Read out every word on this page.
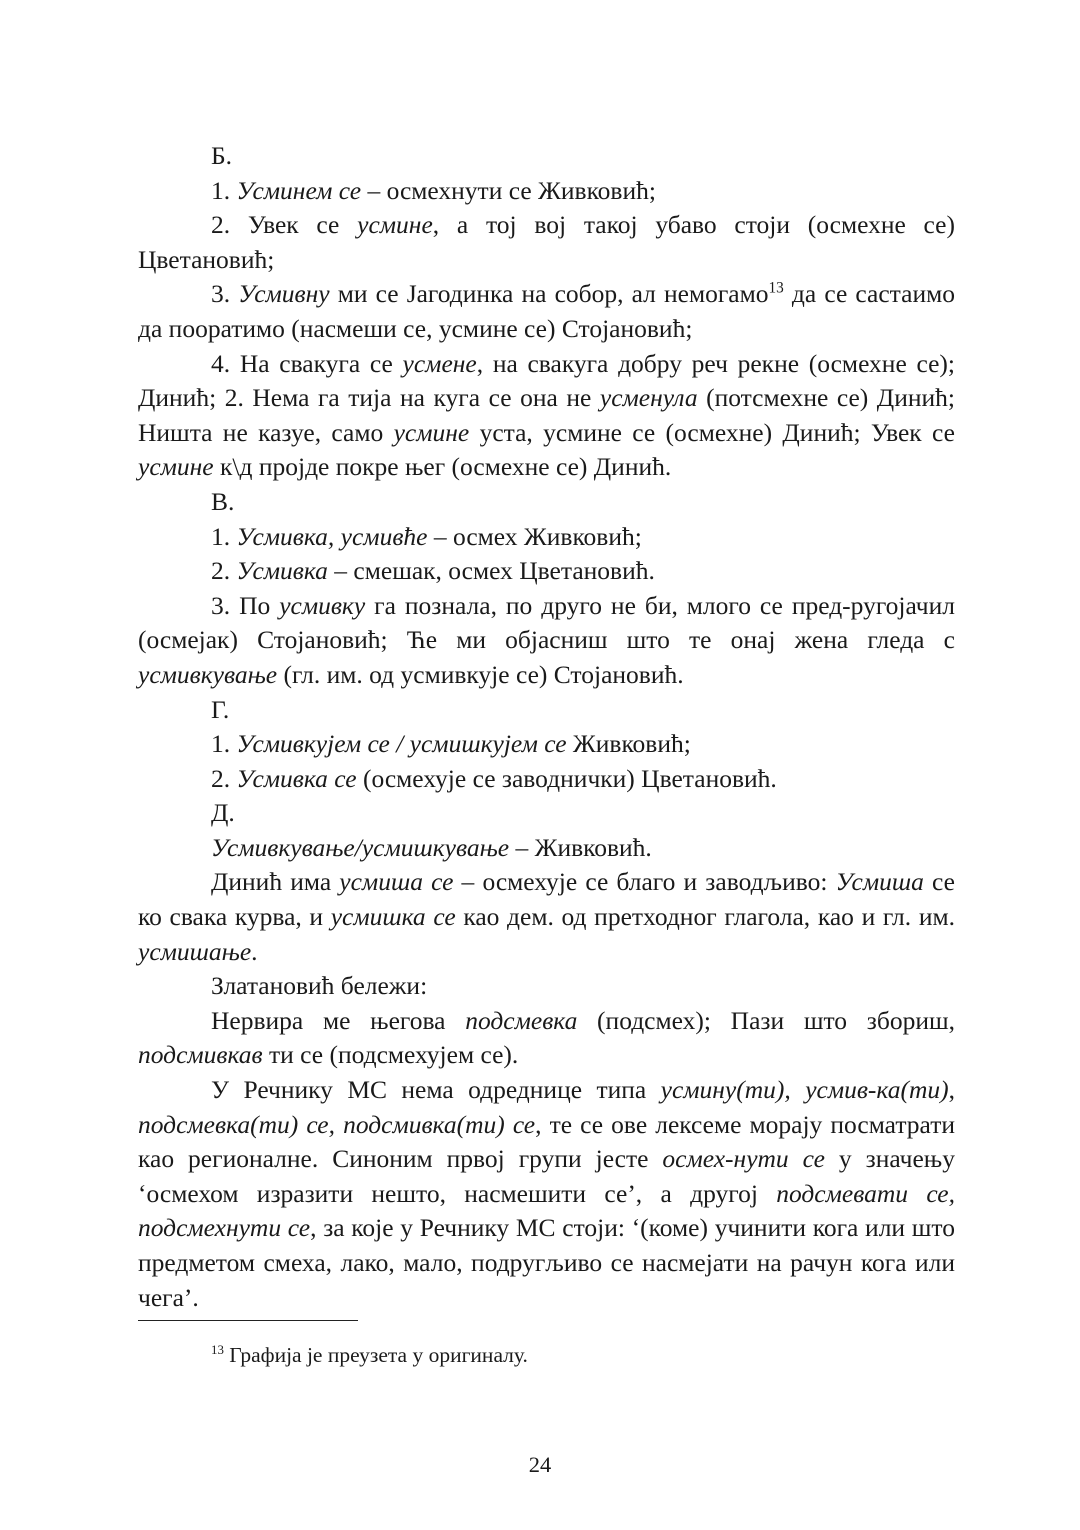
Б.

1. Усминем се – осмехнути се Живковић;

2. Увек се усмине, а тој вој такој убаво стоји (осмехне се) Цветановић;

3. Усмивну ми се Јагодинка на собор, ал немогамо$^{13}$ да се састаимо да пооратимо (насмеши се, усмине се) Стојановић;

4. На свакуга се усмене, на свакуга добру реч рекне (осмехне се); Динић; 2. Нема га тија на куга се она не усменула (потсмехне се) Динић; Ништа не казуе, само усмине уста, усмине се (осмехне) Динић; Увек се усмине к\д пројде покре њег (осмехне се) Динић.

В.

1. Усмивка, усмивће – осмех Живковић;

2. Усмивка – смешак, осмех Цветановић.

3. По усмивку га познала, по друго не би, млого се пред-ругојачил (осмејак) Стојановић; Ће ми објасниш што те онај жена гледа с усмивкување (гл. им. од усмивкује се) Стојановић.

Г.

1. Усмивкујем се / усмишкујем се Живковић;

2. Усмивка се (осмехује се заводнички) Цветановић.

Д.

Усмивкување/усмишкување – Живковић.

Динић има усмиша се – осмехује се благо и заводљиво: Усмиша се ко свака курва, и усмишка се као дем. од претходног глагола, као и гл. им. усмишање.

Златановић бележи:

Нервира ме његова подсмевка (подсмех); Пази што збориш, подсмивкав ти се (подсмехујем се).

У Речнику МС нема одреднице типа усмину(ти), усмив-ка(ти), подсмевка(ти) се, подсмивка(ти) се, те се ове лексеме морају посматрати као регионалне. Синоним првој групи јесте осмех-нути се у значењу ‘осмехом изразити нешто, насмешити се’, а другој подсмевати се, подсмехнути се, за које у Речнику МС стоји: ‘(коме) учинити кога или што предметом смеха, лако, мало, подругљиво се насмејати на рачун кога или чега’.

$^{13}$ Графија је преузета у оригиналу.
24
